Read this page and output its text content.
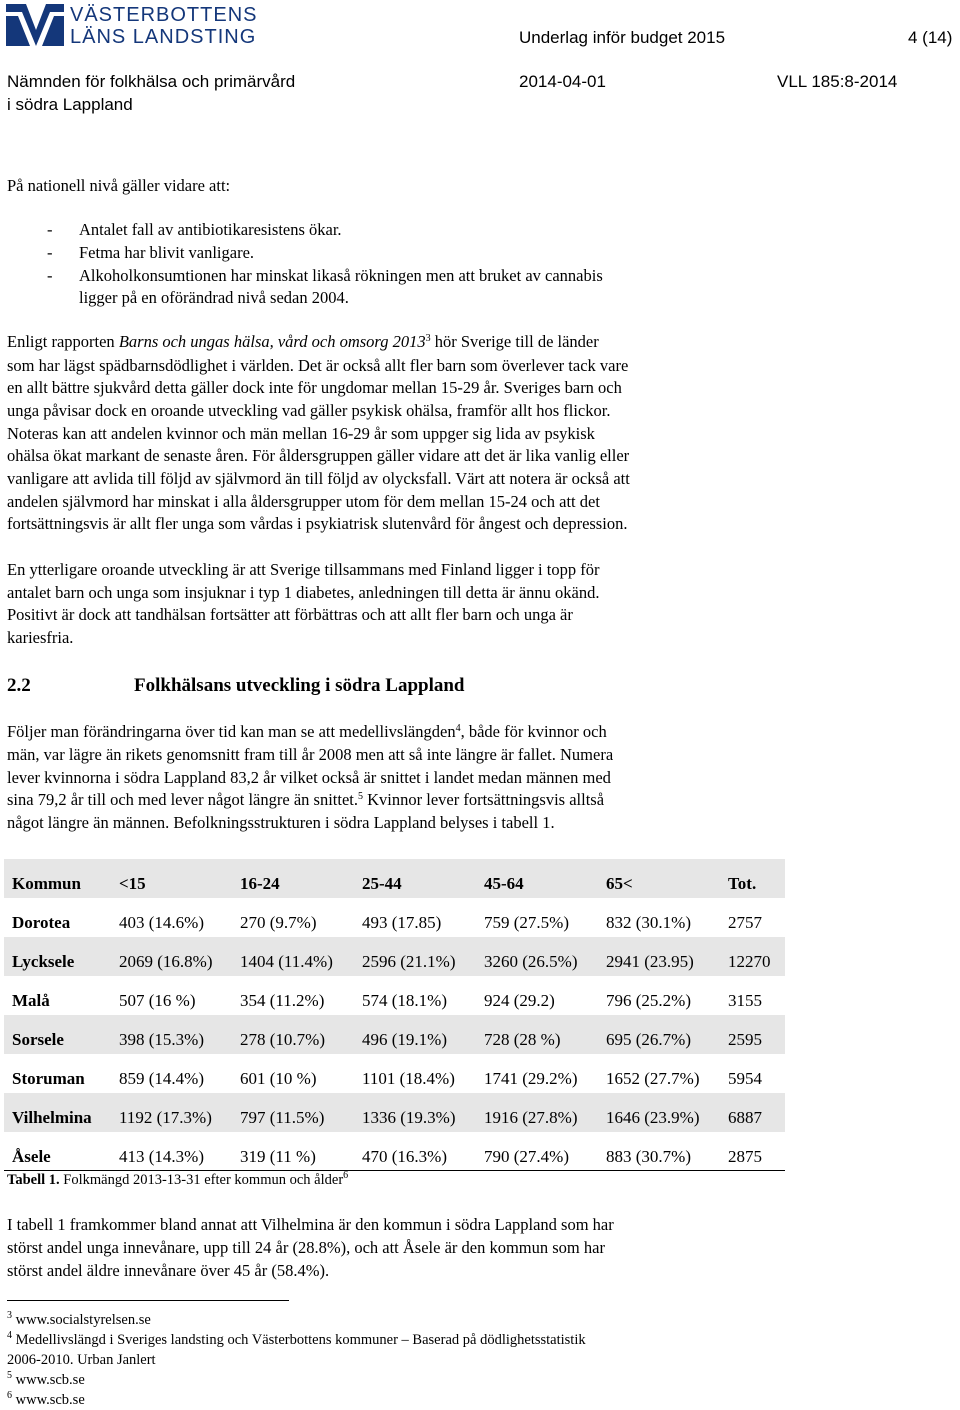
VÄSTERBOTTENS
LÄNS LANDSTING	Underlag inför budget 2015	4 (14)
Nämnden för folkhälsa och primärvård
i södra Lappland
2014-04-01	VLL 185:8-2014
På nationell nivå gäller vidare att:
- Antalet fall av antibiotikaresistens ökar.
- Fetma har blivit vanligare.
- Alkoholkonsumtionen har minskat likaså rökningen men att bruket av cannabis
ligger på en oförändrad nivå sedan 2004.
Enligt rapporten Barns och ungas hälsa, vård och omsorg 2013$^3$ hör Sverige till de länder
som har lägst spädbarnsdödlighet i världen. Det är också allt fler barn som överlever tack vare
en allt bättre sjukvård detta gäller dock inte för ungdomar mellan 15-29 år. Sveriges barn och
unga påvisar dock en oroande utveckling vad gäller psykisk ohälsa, framför allt hos flickor.
Noteras kan att andelen kvinnor och män mellan 16-29 år som uppger sig lida av psykisk
ohälsa ökat markant de senaste åren. För åldersgruppen gäller vidare att det är lika vanlig eller
vanligare att avlida till följd av självmord än till följd av olycksfall. Värt att notera är också att
andelen självmord har minskat i alla åldersgrupper utom för dem mellan 15-24 och att det
fortsättningsvis är allt fler unga som vårdas i psykiatrisk slutenvård för ångest och depression.
En ytterligare oroande utveckling är att Sverige tillsammans med Finland ligger i topp för
antalet barn och unga som insjuknar i typ 1 diabetes, anledningen till detta är ännu okänd.
Positivt är dock att tandhälsan fortsätter att förbättras och att allt fler barn och unga är
kariesfria.
2.2	Folkhälsans utveckling i södra Lappland
Följer man förändringarna över tid kan man se att medellivslängden$^4$, både för kvinnor och
män, var lägre än rikets genomsnitt fram till år 2008 men att så inte längre är fallet. Numera
lever kvinnorna i södra Lappland 83,2 år vilket också är snittet i landet medan männen med
sina 79,2 år till och med lever något längre än snittet.$^5$ Kvinnor lever fortsättningsvis alltså
något längre än männen. Befolkningsstrukturen i södra Lappland belyses i tabell 1.
Kommun <15	16-24	25-44	45-64	65<	Tot.
Dorotea	403 (14.6%) 270 (9.7%)	493 (17.85)	759 (27.5%) 832 (30.1%) 2757
Lycksele	2069 (16.8%) 1404 (11.4%) 2596 (21.1%) 3260 (26.5%) 2941 (23.95) 12270
Malå	507 (16 %)	354 (11.2%) 574 (18.1%) 924 (29.2)	796 (25.2%) 3155
Sorsele	398 (15.3%) 278 (10.7%) 496 (19.1%) 728 (28 %)	695 (26.7%) 2595
Storuman 859 (14.4%) 601 (10 %)	1101 (18.4%) 1741 (29.2%) 1652 (27.7%) 5954
Vilhelmina 1192 (17.3%) 797 (11.5%) 1336 (19.3%) 1916 (27.8%) 1646 (23.9%) 6887
Åsele	413 (14.3%) 319 (11 %)	470 (16.3%) 790 (27.4%) 883 (30.7%) 2875
Tabell 1. Folkmängd 2013-13-31 efter kommun och ålder$^6$
I tabell 1 framkommer bland annat att Vilhelmina är den kommun i södra Lappland som har
störst andel unga innevånare, upp till 24 år (28.8%), och att Åsele är den kommun som har
störst andel äldre innevånare över 45 år (58.4%).
$^3$ www.socialstyrelsen.se
$^4$ Medellivslängd i Sveriges landsting och Västerbottens kommuner – Baserad på dödlighetsstatistik
2006-2010. Urban Janlert
$^5$ www.scb.se
$^6$ www.scb.se
